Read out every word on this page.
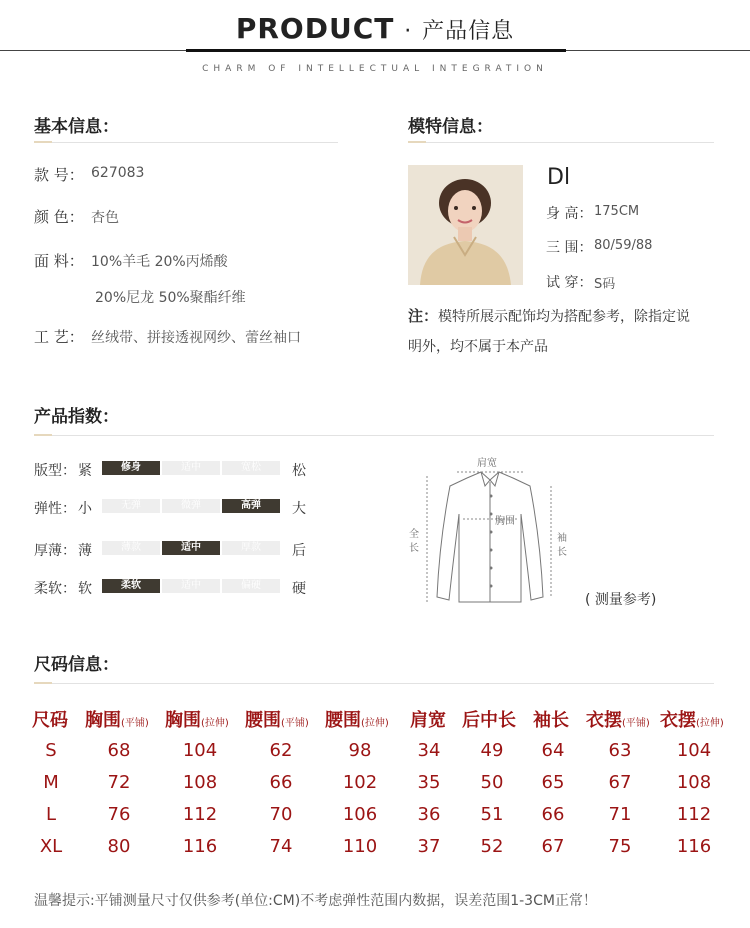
PRODUCT · 产品信息
CHARM OF INTELLECTUAL INTEGRATION
基本信息：
款 号： 627083
颜 色： 杏色
面 料： 10%羊毛 20%丙烯酸
20%尼龙 50%聚酯纤维
工 艺： 丝绒带、拼接透视网纱、蕾丝袖口
模特信息：
Dl
身 高： 175CM
三 围： 80/59/88
试 穿： S码
注：模特所展示配饰均为搭配参考，除指定说
明外，均不属于本产品
产品指数：
版型： 紧	修身	适中	宽松	松
弹性： 小	无弹	微弹	高弹	大
厚薄： 薄	薄款	适中	厚款	后
柔软： 软	柔软	适中	偏硬	硬
肩宽
胸围
全长
袖长
( 测量参考)
尺码信息：
尺码 胸围(平铺) 胸围(拉伸) 腰围(平铺) 腰围(拉伸) 肩宽 后中长 袖长 衣摆(平铺) 衣摆(拉伸)
S	68	104	62	98	34	49	64	63	104
M	72	108	66	102	35	50	65	67	108
L	76	112	70	106	36	51	66	71	112
XL	80	116	74	110	37	52	67	75	116
温馨提示:平铺测量尺寸仅供参考(单位:CM)不考虑弹性范围内数据，误差范围1-3CM正常！
